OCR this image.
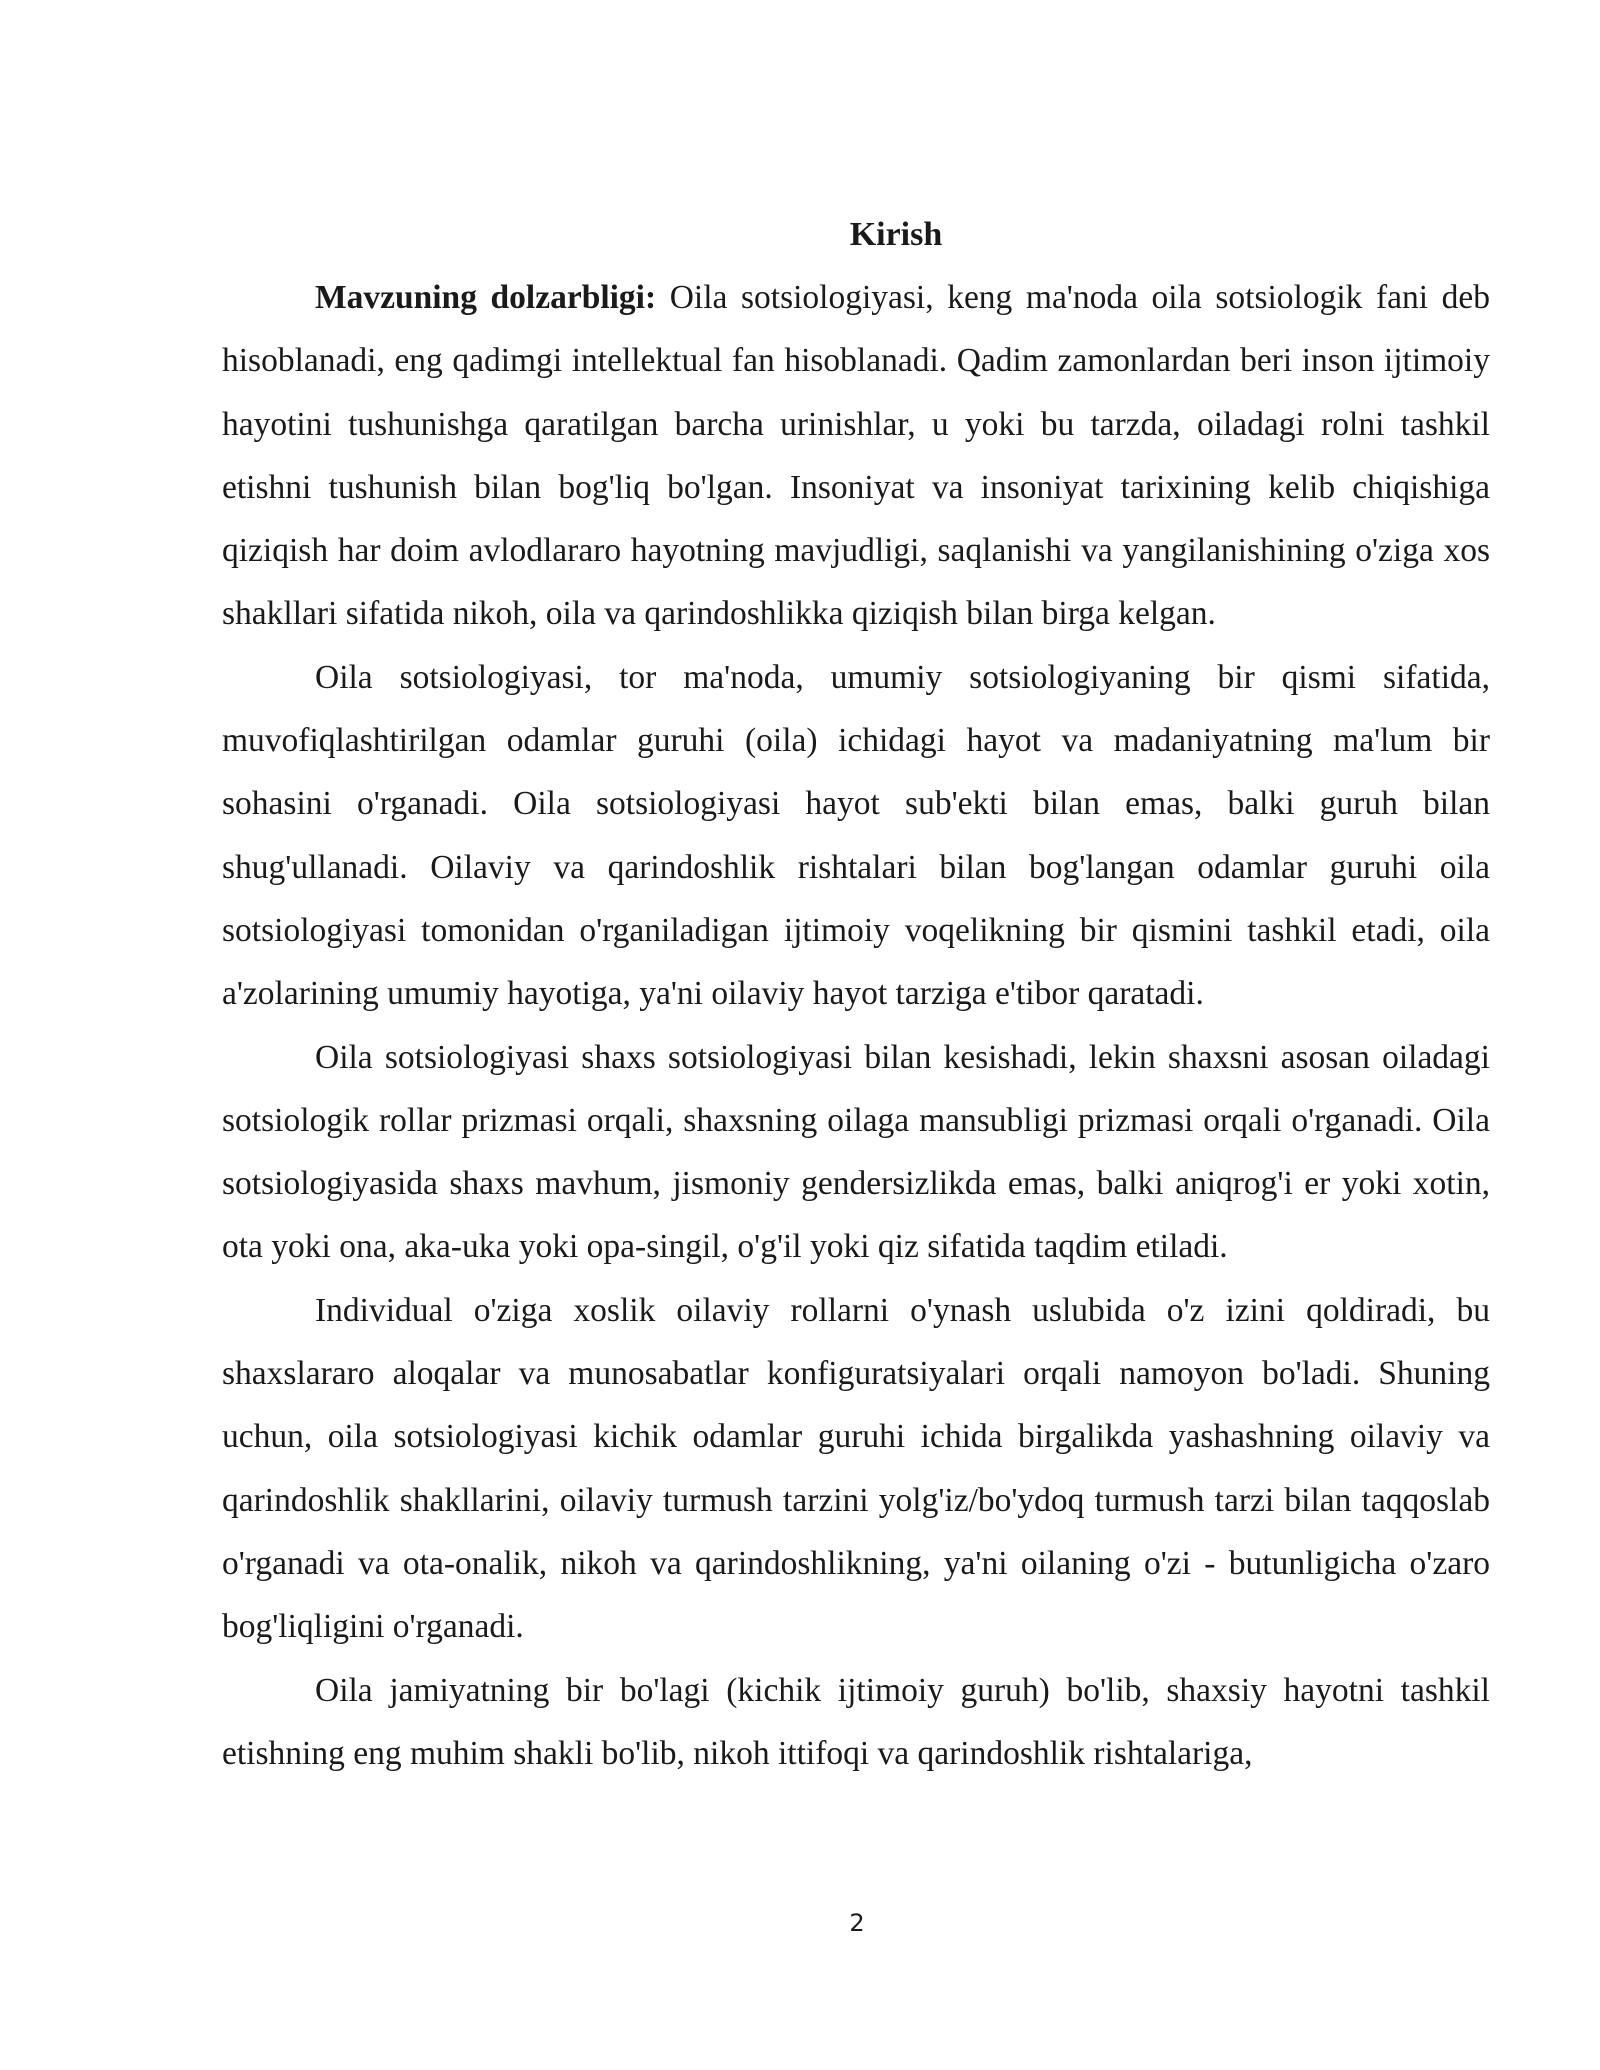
Kirish

Mavzuning dolzarbligi: Oila sotsiologiyasi, keng ma'noda oila sotsiologik fani deb hisoblanadi, eng qadimgi intellektual fan hisoblanadi. Qadim zamonlardan beri inson ijtimoiy hayotini tushunishga qaratilgan barcha urinishlar, u yoki bu tarzda, oiladagi rolni tashkil etishni tushunish bilan bog'liq bo'lgan. Insoniyat va insoniyat tarixining kelib chiqishiga qiziqish har doim avlodlararo hayotning mavjudligi, saqlanishi va yangilanishining o'ziga xos shakllari sifatida nikoh, oila va qarindoshlikka qiziqish bilan birga kelgan.

Oila sotsiologiyasi, tor ma'noda, umumiy sotsiologiyaning bir qismi sifatida, muvofiqlashtirilgan odamlar guruhi (oila) ichidagi hayot va madaniyatning ma'lum bir sohasini o'rganadi. Oila sotsiologiyasi hayot sub'ekti bilan emas, balki guruh bilan shug'ullanadi. Oilaviy va qarindoshlik rishtalari bilan bog'langan odamlar guruhi oila sotsiologiyasi tomonidan o'rganiladigan ijtimoiy voqelikning bir qismini tashkil etadi, oila a'zolarining umumiy hayotiga, ya'ni oilaviy hayot tarziga e'tibor qaratadi.

Oila sotsiologiyasi shaxs sotsiologiyasi bilan kesishadi, lekin shaxsni asosan oiladagi sotsiologik rollar prizmasi orqali, shaxsning oilaga mansubligi prizmasi orqali o'rganadi. Oila sotsiologiyasida shaxs mavhum, jismoniy gendersizlikda emas, balki aniqrog'i er yoki xotin, ota yoki ona, aka-uka yoki opa-singil, o'g'il yoki qiz sifatida taqdim etiladi.

Individual o'ziga xoslik oilaviy rollarni o'ynash uslubida o'z izini qoldiradi, bu shaxslararo aloqalar va munosabatlar konfiguratsiyalari orqali namoyon bo'ladi. Shuning uchun, oila sotsiologiyasi kichik odamlar guruhi ichida birgalikda yashashning oilaviy va qarindoshlik shakllarini, oilaviy turmush tarzini yolg'iz/bo'ydoq turmush tarzi bilan taqqoslab o'rganadi va ota-onalik, nikoh va qarindoshlikning, ya'ni oilaning o'zi - butunligicha o'zaro bog'liqligini o'rganadi.

Oila jamiyatning bir bo'lagi (kichik ijtimoiy guruh) bo'lib, shaxsiy hayotni tashkil etishning eng muhim shakli bo'lib, nikoh ittifoqi va qarindoshlik rishtalariga,

2
